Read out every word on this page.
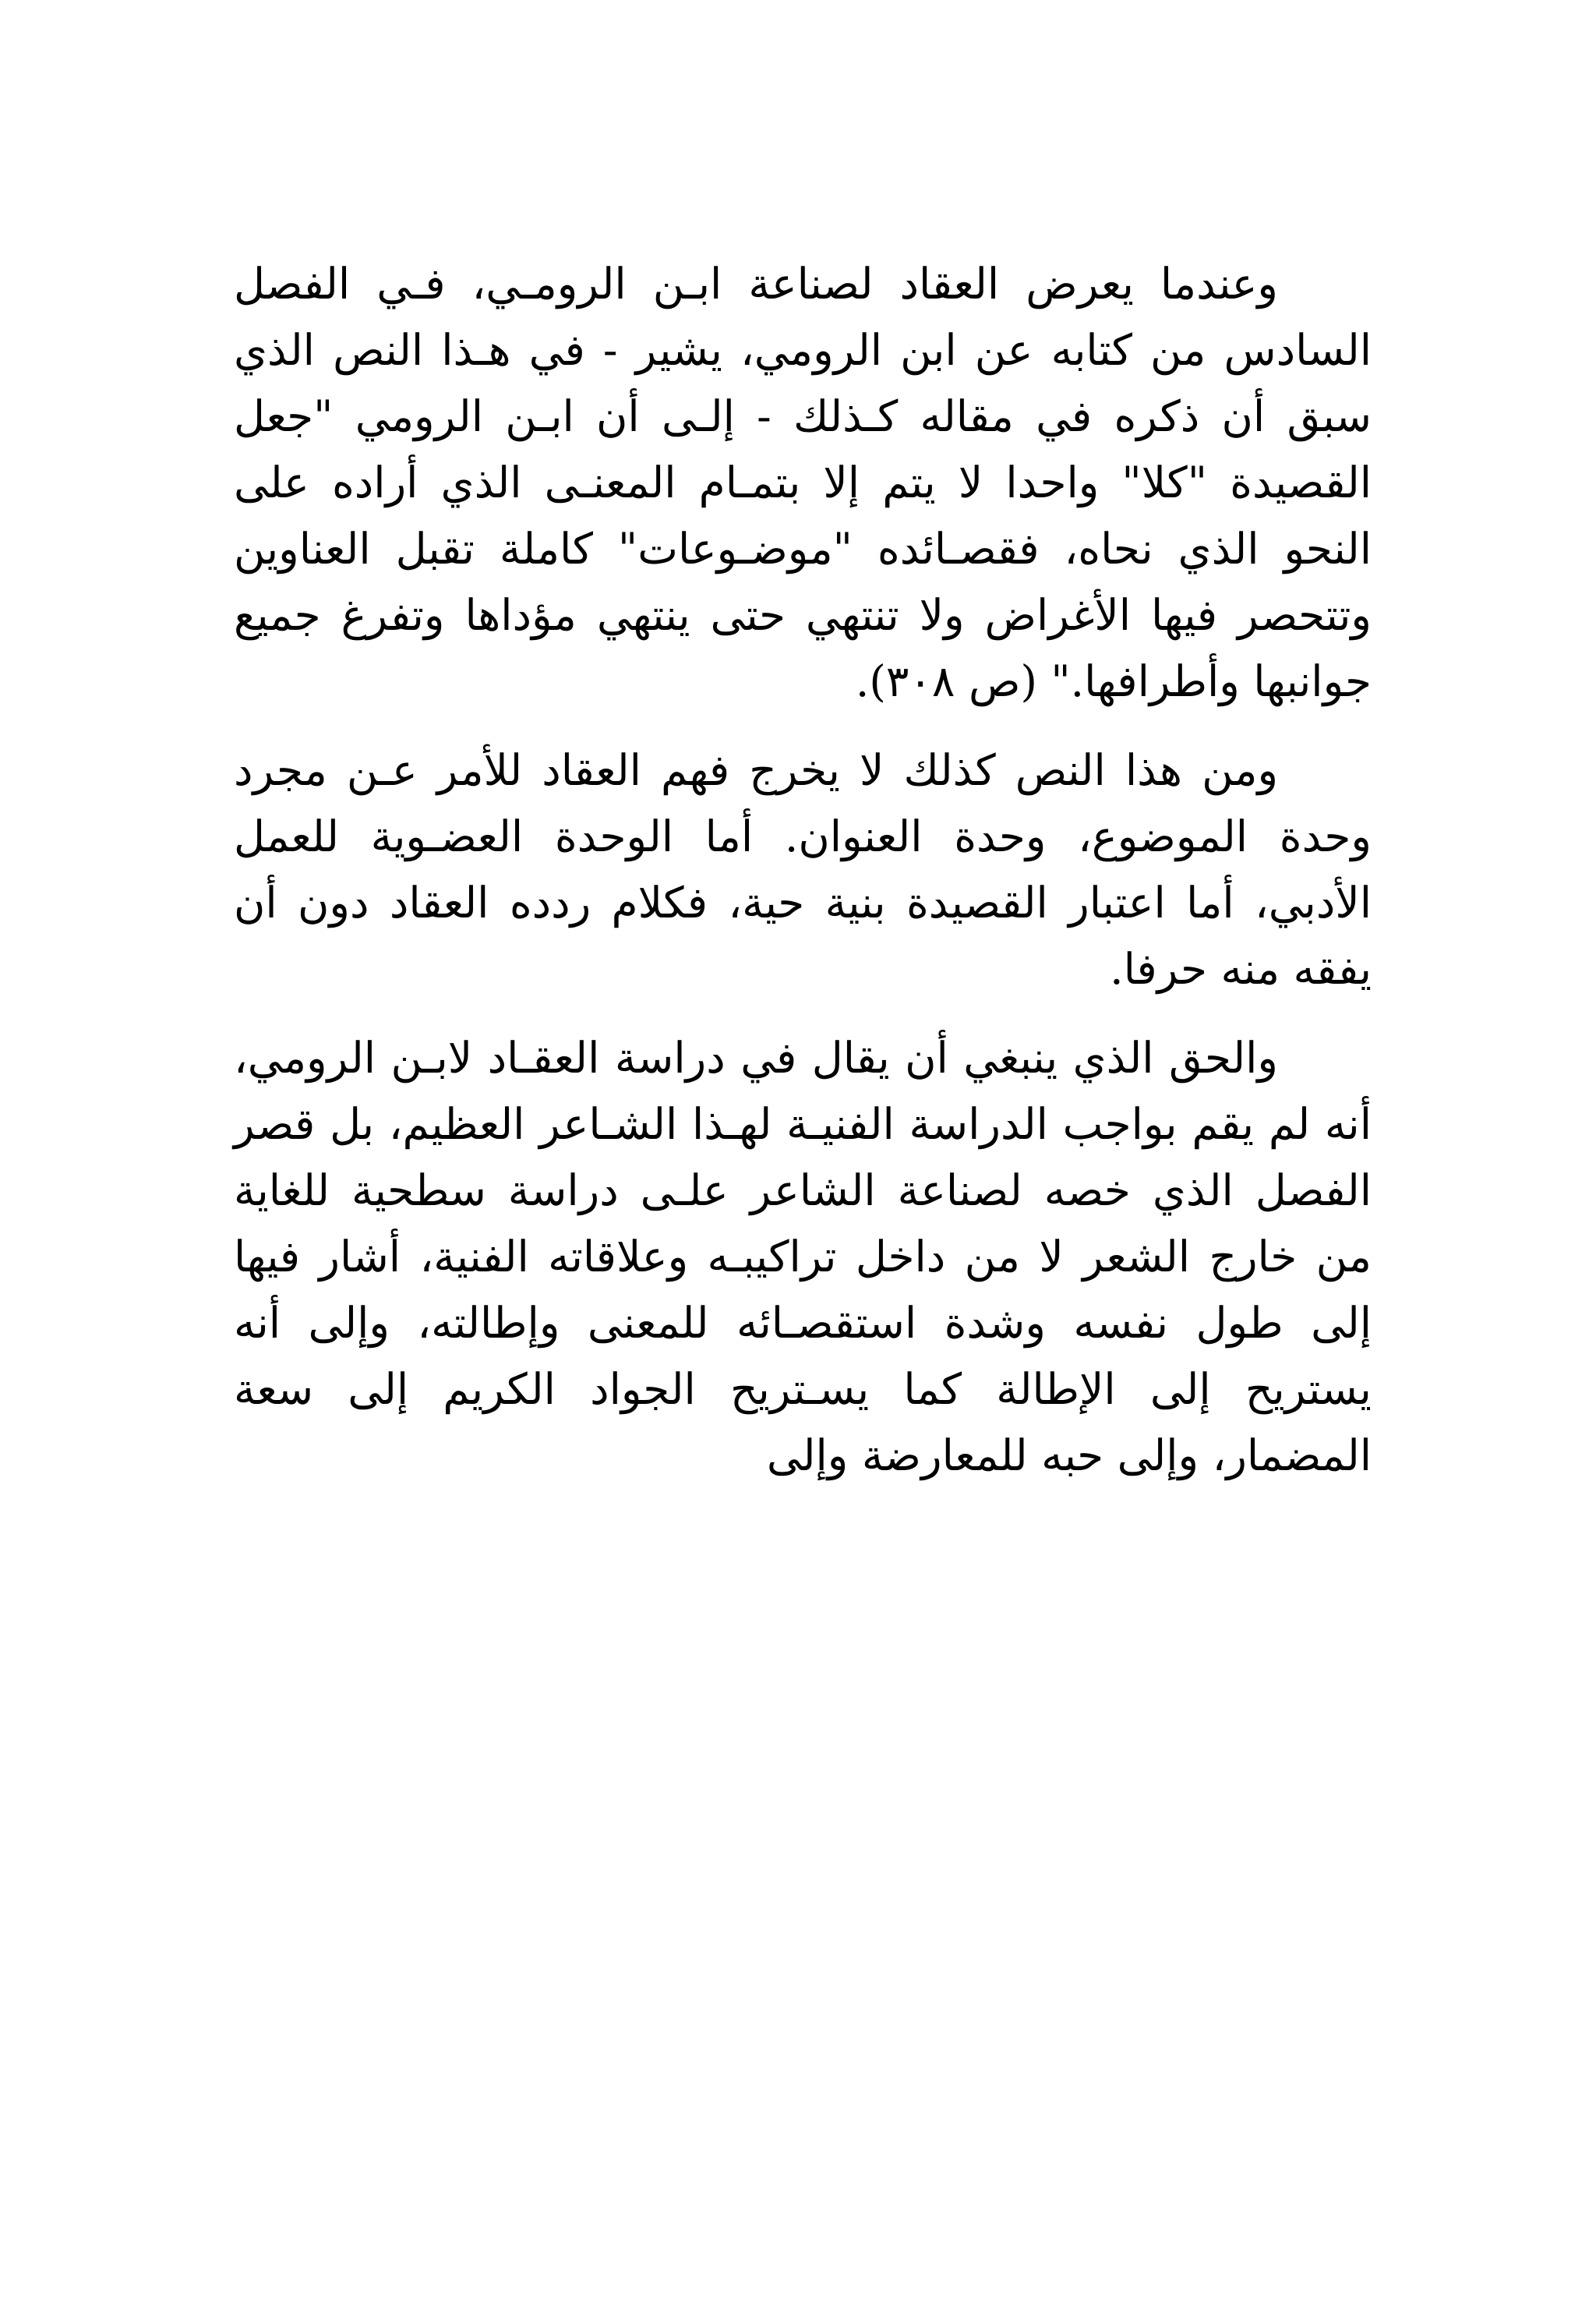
وعندما يعرض العقاد لصناعة ابـن الرومـي، فـي الفصل السادس من كتابه عن ابن الرومي، يشير - في هـذا النص الذي سبق أن ذكره في مقاله كـذلك - إلـى أن ابـن الرومي "جعل القصيدة "كلا" واحدا لا يتم إلا بتمـام المعنـى الذي أراده على النحو الذي نحاه، فقصـائده "موضـوعات" كاملة تقبل العناوين وتتحصر فيها الأغراض ولا تنتهي حتى ينتهي مؤداها وتفرغ جميع جوانبها وأطرافها." (ص ٣٠٨).

ومن هذا النص كذلك لا يخرج فهم العقاد للأمر عـن مجرد وحدة الموضوع، وحدة العنوان. أما الوحدة العضـوية للعمل الأدبي، أما اعتبار القصيدة بنية حية، فكلام ردده العقاد دون أن يفقه منه حرفا.

والحق الذي ينبغي أن يقال في دراسة العقـاد لابـن الرومي، أنه لم يقم بواجب الدراسة الفنيـة لهـذا الشـاعر العظيم، بل قصر الفصل الذي خصه لصناعة الشاعر علـى دراسة سطحية للغاية من خارج الشعر لا من داخل تراكيبـه وعلاقاته الفنية، أشار فيها إلى طول نفسه وشدة استقصـائه للمعنى وإطالته، وإلى أنه يستريح إلى الإطالة كما يسـتريح الجواد الكريم إلى سعة المضمار، وإلى حبه للمعارضة وإلى
